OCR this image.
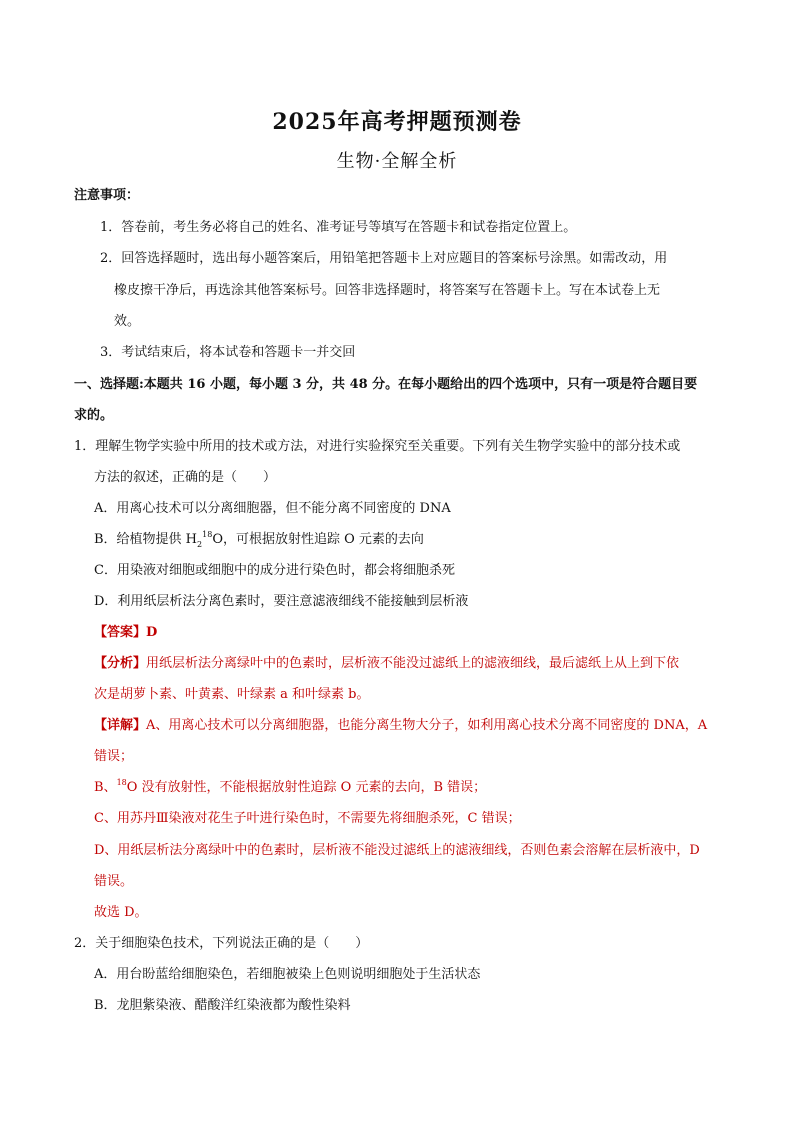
2025年高考押题预测卷
生物·全解全析
注意事项：
1．答卷前，考生务必将自己的姓名、准考证号等填写在答题卡和试卷指定位置上。
2．回答选择题时，选出每小题答案后，用铅笔把答题卡上对应题目的答案标号涂黑。如需改动，用
橡皮擦干净后，再选涂其他答案标号。回答非选择题时，将答案写在答题卡上。写在本试卷上无
效。
3．考试结束后，将本试卷和答题卡一并交回
一、选择题:本题共 16 小题，每小题 3 分，共 48 分。在每小题给出的四个选项中，只有一项是符合题目要
求的。
1．理解生物学实验中所用的技术或方法，对进行实验探究至关重要。下列有关生物学实验中的部分技术或
方法的叙述，正确的是（　　）
A．用离心技术可以分离细胞器，但不能分离不同密度的 DNA
B．给植物提供 $H_2^{18}O$，可根据放射性追踪 O 元素的去向
C．用染液对细胞或细胞中的成分进行染色时，都会将细胞杀死
D．利用纸层析法分离色素时，要注意滤液细线不能接触到层析液
【答案】D
【分析】用纸层析法分离绿叶中的色素时，层析液不能没过滤纸上的滤液细线，最后滤纸上从上到下依
次是胡萝卜素、叶黄素、叶绿素 a 和叶绿素 b。
【详解】A、用离心技术可以分离细胞器，也能分离生物大分子，如利用离心技术分离不同密度的 DNA，A
错误；
B、$^{18}$O 没有放射性，不能根据放射性追踪 O 元素的去向，B 错误；
C、用苏丹Ⅲ染液对花生子叶进行染色时，不需要先将细胞杀死，C 错误；
D、用纸层析法分离绿叶中的色素时，层析液不能没过滤纸上的滤液细线，否则色素会溶解在层析液中，D
错误。
故选 D。
2．关于细胞染色技术，下列说法正确的是（　　）
A．用台盼蓝给细胞染色，若细胞被染上色则说明细胞处于生活状态
B．龙胆紫染液、醋酸洋红染液都为酸性染料
